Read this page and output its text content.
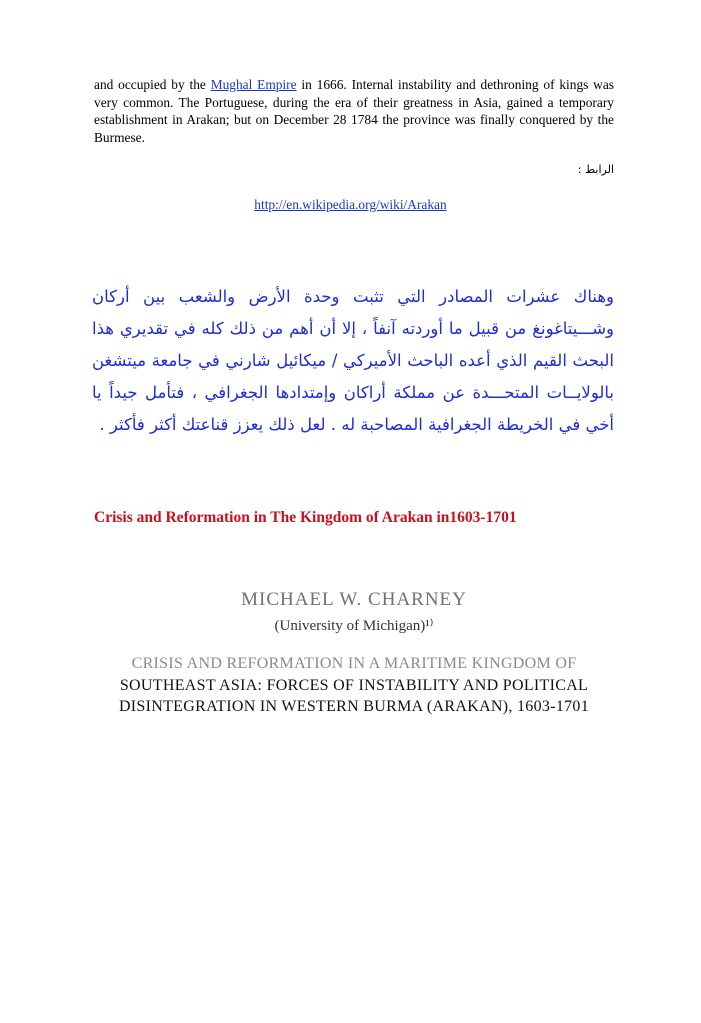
and occupied by the Mughal Empire in 1666. Internal instability and dethroning of kings was very common. The Portuguese, during the era of their greatness in Asia, gained a temporary establishment in Arakan; but on December 28 1784 the province was finally conquered by the Burmese.
الرابط :
http://en.wikipedia.org/wiki/Arakan
وهناك عشرات المصادر التي تثبت وحدة الأرض والشعب بين أركان وشـــيتاغونغ من قبيل ما أوردته آنفاً ، إلا أن أهم من ذلك كله في تقديري هذا البحث القيم الذي أعده الباحث الأميركي / ميكائيل شارني في جامعة ميتشغن بالولايــات المتحـــدة عن مملكة أراكان وإمتدادها الجغرافي ، فتأمل جيداً يا أخي في الخريطة الجغرافية المصاحبة له . لعل ذلك يعزز قناعتك أكثر فأكثر .
Crisis and Reformation in The Kingdom of Arakan in1603-1701
MICHAEL W. CHARNEY
(University of Michigan)¹⁾
CRISIS AND REFORMATION IN A MARITIME KINGDOM OF
SOUTHEAST ASIA: FORCES OF INSTABILITY AND POLITICAL
DISINTEGRATION IN WESTERN BURMA (ARAKAN), 1603-1701
